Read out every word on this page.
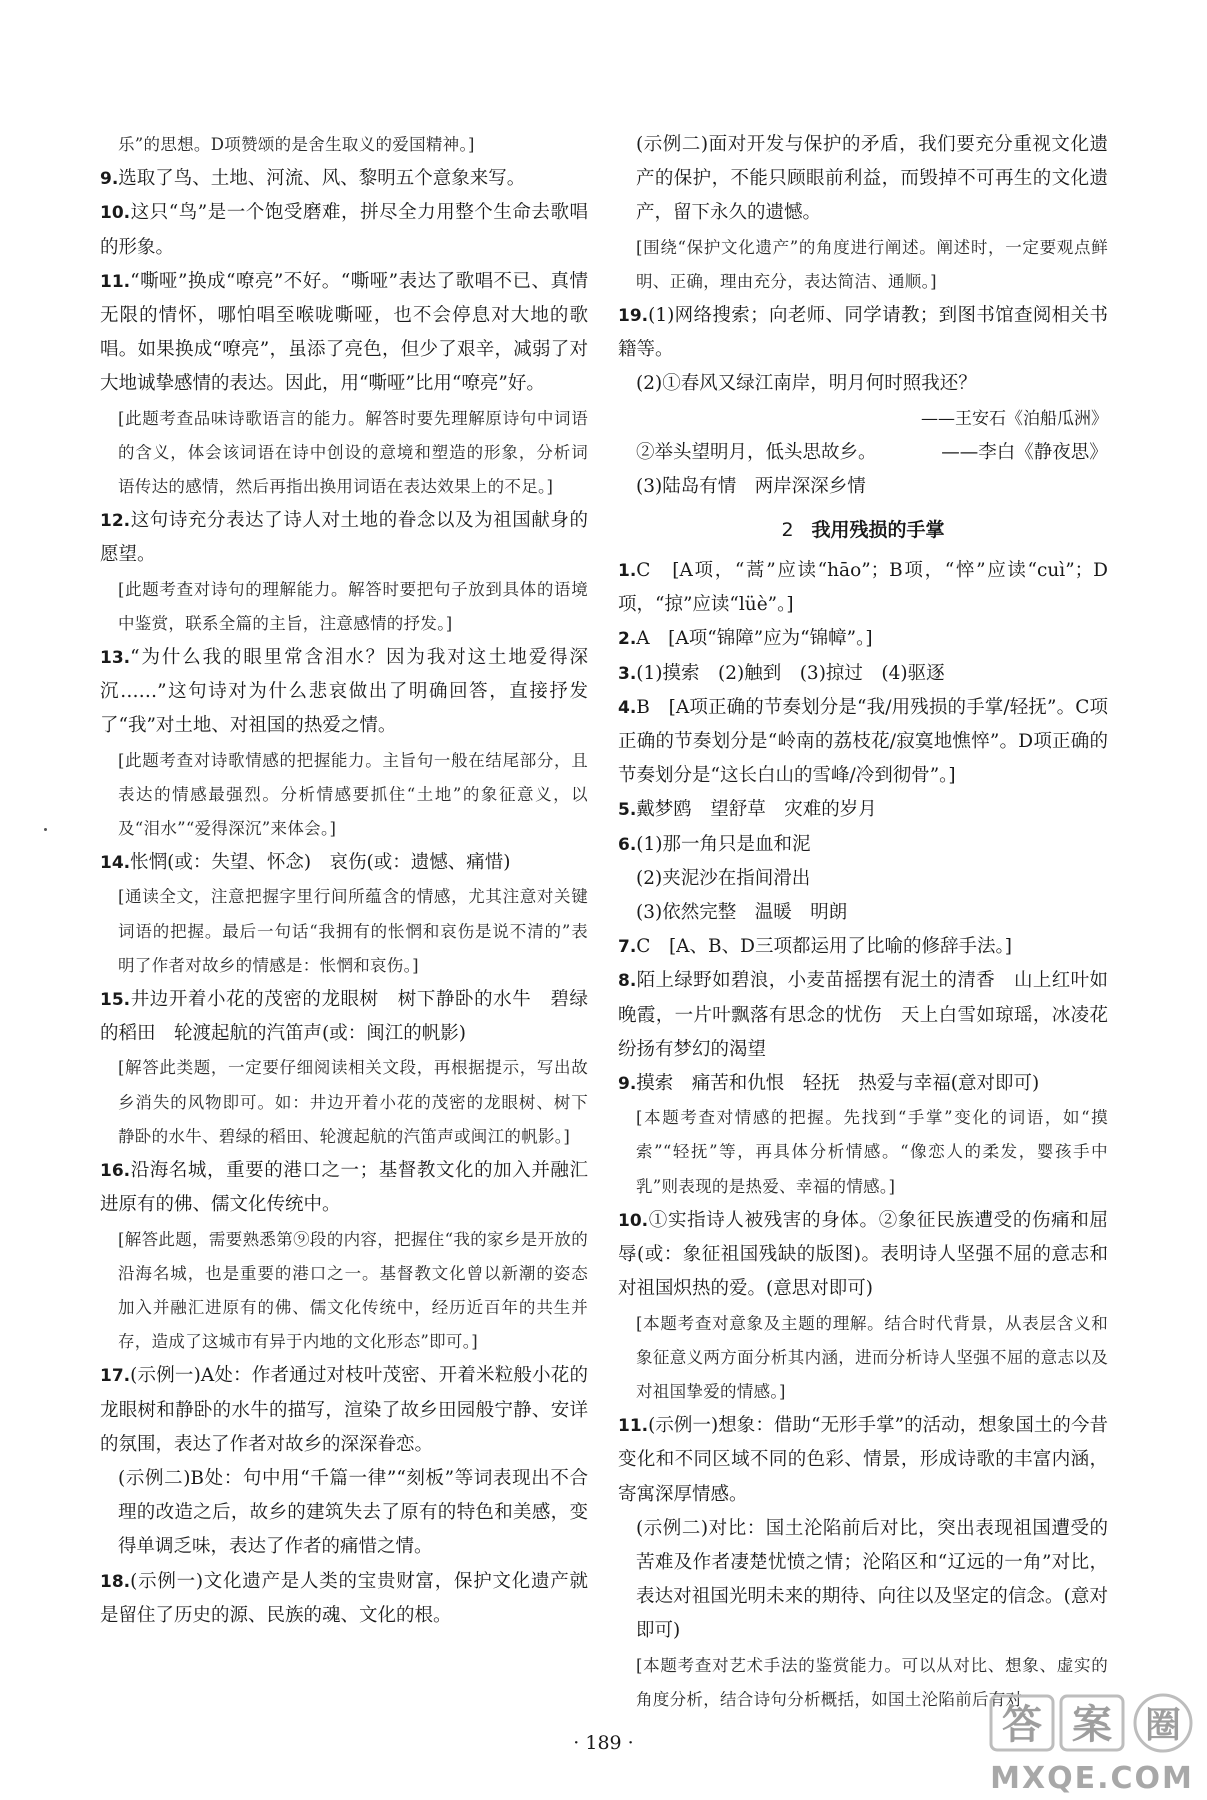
乐”的思想。D项赞颂的是舍生取义的爱国精神。]

9.选取了鸟、土地、河流、风、黎明五个意象来写。

10.这只“鸟”是一个饱受磨难，拼尽全力用整个生命去歌唱的形象。

11.“嘶哑”换成“嘹亮”不好。“嘶哑”表达了歌唱不已、真情无限的情怀，哪怕唱至喉咙嘶哑，也不会停息对大地的歌唱。如果换成“嘹亮”，虽添了亮色，但少了艰辛，减弱了对大地诚挚感情的表达。因此，用“嘶哑”比用“嘹亮”好。

[此题考查品味诗歌语言的能力。解答时要先理解原诗句中词语的含义，体会该词语在诗中创设的意境和塑造的形象，分析词语传达的感情，然后再指出换用词语在表达效果上的不足。]

12.这句诗充分表达了诗人对土地的眷念以及为祖国献身的愿望。

[此题考查对诗句的理解能力。解答时要把句子放到具体的语境中鉴赏，联系全篇的主旨，注意感情的抒发。]

13.“为什么我的眼里常含泪水？因为我对这土地爱得深沉……”这句诗对为什么悲哀做出了明确回答，直接抒发了“我”对土地、对祖国的热爱之情。

[此题考查对诗歌情感的把握能力。主旨句一般在结尾部分，且表达的情感最强烈。分析情感要抓住“土地”的象征意义，以及“泪水”“爱得深沉”来体会。]

14.怅惘(或：失望、怀念)　哀伤(或：遗憾、痛惜)

[通读全文，注意把握字里行间所蕴含的情感，尤其注意对关键词语的把握。最后一句话“我拥有的怅惘和哀伤是说不清的”表明了作者对故乡的情感是：怅惘和哀伤。]

15.井边开着小花的茂密的龙眼树　树下静卧的水牛　碧绿的稻田　轮渡起航的汽笛声(或：闽江的帆影)

[解答此类题，一定要仔细阅读相关文段，再根据提示，写出故乡消失的风物即可。如：井边开着小花的茂密的龙眼树、树下静卧的水牛、碧绿的稻田、轮渡起航的汽笛声或闽江的帆影。]

16.沿海名城，重要的港口之一；基督教文化的加入并融汇进原有的佛、儒文化传统中。

[解答此题，需要熟悉第⑨段的内容，把握住“我的家乡是开放的沿海名城，也是重要的港口之一。基督教文化曾以新潮的姿态加入并融汇进原有的佛、儒文化传统中，经历近百年的共生并存，造成了这城市有异于内地的文化形态”即可。]

17.(示例一)A处：作者通过对枝叶茂密、开着米粒般小花的龙眼树和静卧的水牛的描写，渲染了故乡田园般宁静、安详的氛围，表达了作者对故乡的深深眷恋。

(示例二)B处：句中用“千篇一律”“刻板”等词表现出不合理的改造之后，故乡的建筑失去了原有的特色和美感，变得单调乏味，表达了作者的痛惜之情。

18.(示例一)文化遗产是人类的宝贵财富，保护文化遗产就是留住了历史的源、民族的魂、文化的根。

(示例二)面对开发与保护的矛盾，我们要充分重视文化遗产的保护，不能只顾眼前利益，而毁掉不可再生的文化遗产，留下永久的遗憾。

[围绕“保护文化遗产”的角度进行阐述。阐述时，一定要观点鲜明、正确，理由充分，表达简洁、通顺。]

19.(1)网络搜索；向老师、同学请教；到图书馆查阅相关书籍等。

(2)①春风又绿江南岸，明月何时照我还？

——王安石《泊船瓜洲》

②举头望明月，低头思故乡。　　　　——李白《静夜思》

(3)陆岛有情　两岸深深乡情

2 我用残损的手掌

1.C　[A项，“蒿”应读“hāo”；B项，“悴”应读“cuì”；D项，“掠”应读“lüè”。]

2.A　[A项“锦障”应为“锦幛”。]

3.(1)摸索　(2)触到　(3)掠过　(4)驱逐

4.B　[A项正确的节奏划分是“我/用残损的手掌/轻抚”。C项正确的节奏划分是“岭南的荔枝花/寂寞地憔悴”。D项正确的节奏划分是“这长白山的雪峰/冷到彻骨”。]

5.戴梦鸥　望舒草　灾难的岁月

6.(1)那一角只是血和泥

(2)夹泥沙在指间滑出

(3)依然完整　温暖　明朗

7.C　[A、B、D三项都运用了比喻的修辞手法。]

8.陌上绿野如碧浪，小麦苗摇摆有泥土的清香　山上红叶如晚霞，一片叶飘落有思念的忧伤　天上白雪如琼瑶，冰凌花纷扬有梦幻的渴望

9.摸索　痛苦和仇恨　轻抚　热爱与幸福(意对即可)

[本题考查对情感的把握。先找到“手掌”变化的词语，如“摸索”“轻抚”等，再具体分析情感。“像恋人的柔发，婴孩手中乳”则表现的是热爱、幸福的情感。]

10.①实指诗人被残害的身体。②象征民族遭受的伤痛和屈辱(或：象征祖国残缺的版图)。表明诗人坚强不屈的意志和对祖国炽热的爱。(意思对即可)

[本题考查对意象及主题的理解。结合时代背景，从表层含义和象征意义两方面分析其内涵，进而分析诗人坚强不屈的意志以及对祖国挚爱的情感。]

11.(示例一)想象：借助“无形手掌”的活动，想象国土的今昔变化和不同区域不同的色彩、情景，形成诗歌的丰富内涵，寄寓深厚情感。

(示例二)对比：国土沦陷前后对比，突出表现祖国遭受的苦难及作者凄楚忧愤之情；沦陷区和“辽远的一角”对比，表达对祖国光明未来的期待、向往以及坚定的信念。(意对即可)

[本题考查对艺术手法的鉴赏能力。可以从对比、想象、虚实的角度分析，结合诗句分析概括，如国土沦陷前后有对

· 189 ·	答 案 圈
MXQE.COM
